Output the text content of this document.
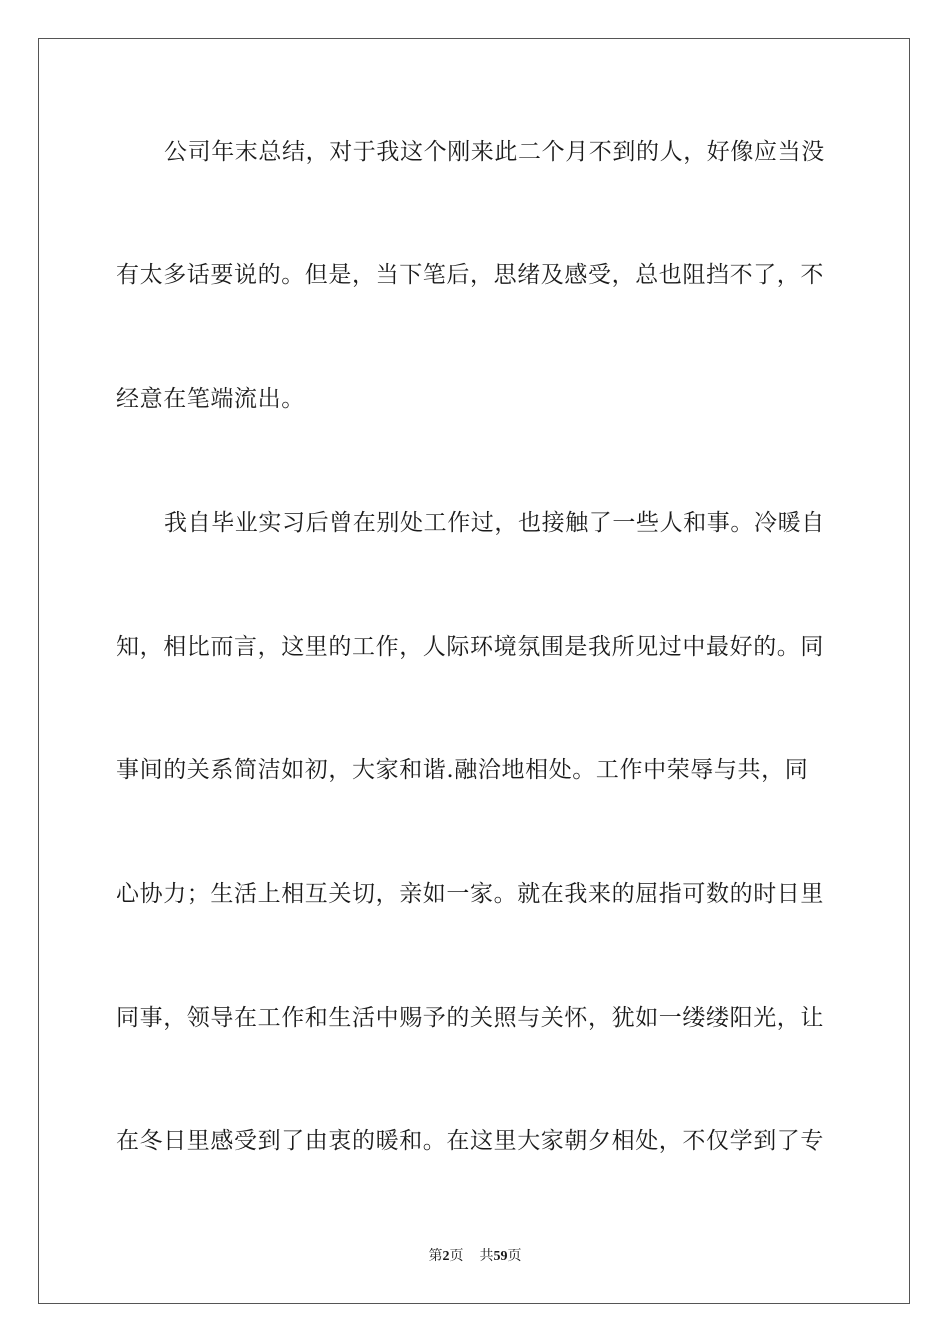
公司年末总结，对于我这个刚来此二个月不到的人，好像应当没
有太多话要说的。但是，当下笔后，思绪及感受，总也阻挡不了，不
经意在笔端流出。
我自毕业实习后曾在别处工作过，也接触了一些人和事。冷暖自
知，相比而言，这里的工作，人际环境氛围是我所见过中最好的。同
事间的关系简洁如初，大家和谐.融洽地相处。工作中荣辱与共，同
心协力；生活上相互关切，亲如一家。就在我来的屈指可数的时日里
同事，领导在工作和生活中赐予的关照与关怀，犹如一缕缕阳光，让
在冬日里感受到了由衷的暖和。在这里大家朝夕相处，不仅学到了专
第2页 共59页
